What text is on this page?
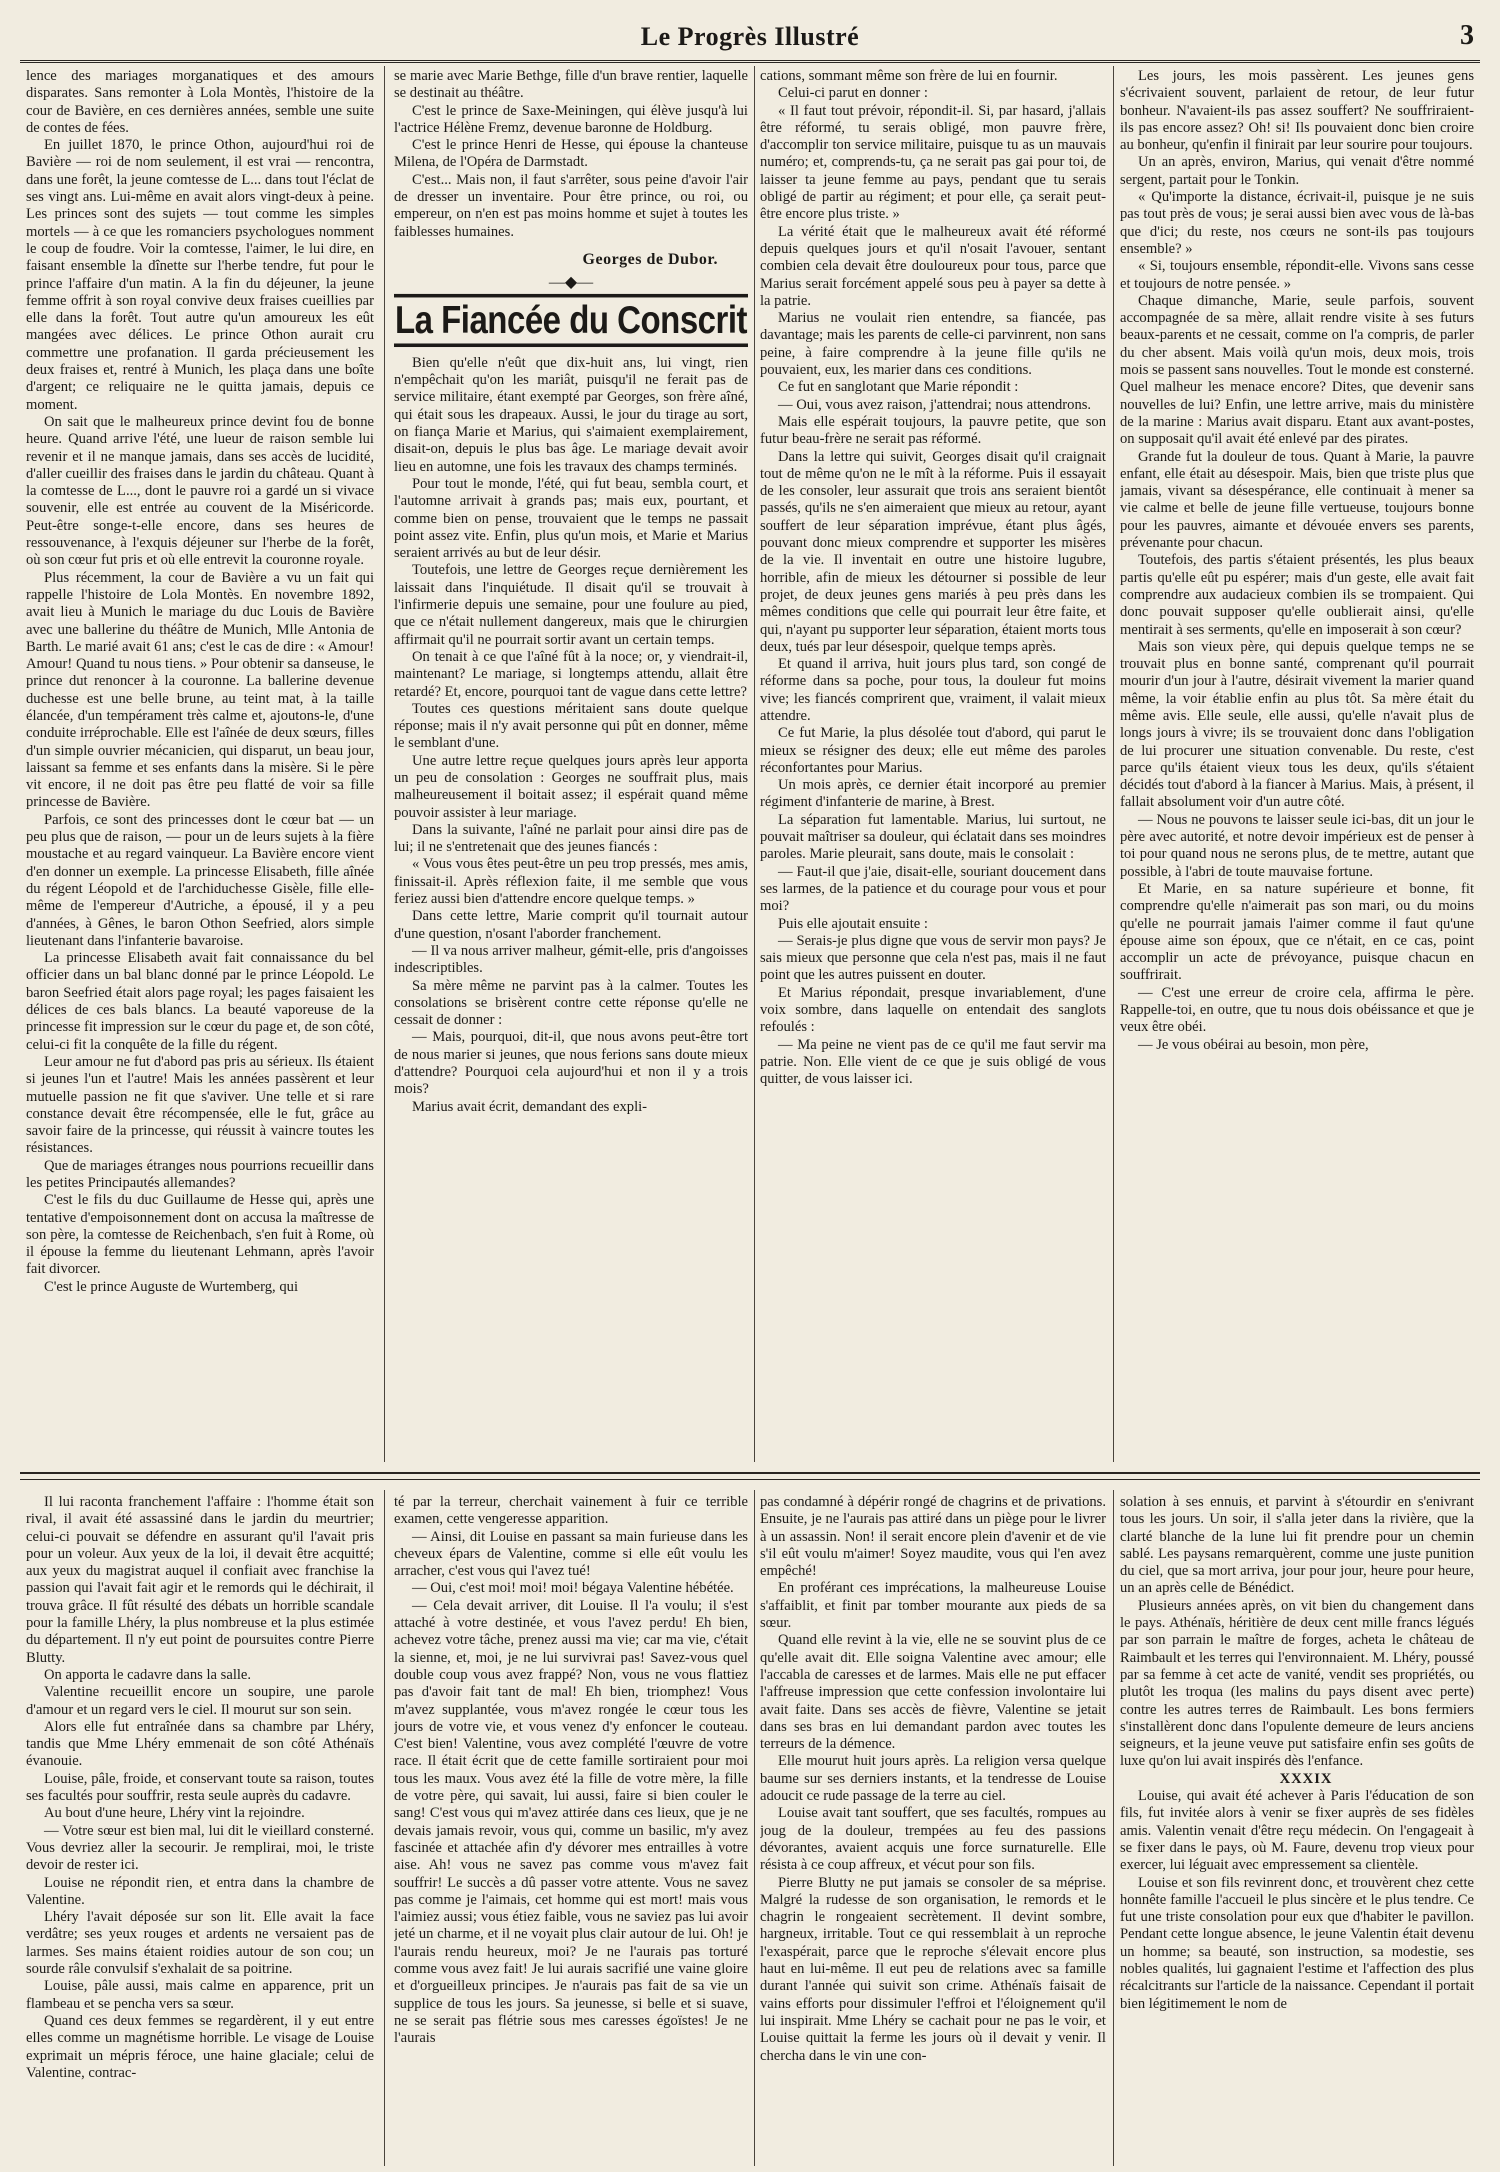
Le Progrès Illustré	3

lence des mariages morganatiques et des amours disparates. Sans remonter à Lola Montès, l'histoire de la cour de Bavière, en ces dernières années, semble une suite de contes de fées.

En juillet 1870, le prince Othon, aujourd'hui roi de Bavière — roi de nom seulement, il est vrai — rencontra, dans une forêt, la jeune comtesse de L... dans tout l'éclat de ses vingt ans. Lui-même en avait alors vingt-deux à peine. Les princes sont des sujets — tout comme les simples mortels — à ce que les romanciers psychologues nomment le coup de foudre. Voir la comtesse, l'aimer, le lui dire, en faisant ensemble la dînette sur l'herbe tendre, fut pour le prince l'affaire d'un matin. A la fin du déjeuner, la jeune femme offrit à son royal convive deux fraises cueillies par elle dans la forêt. Tout autre qu'un amoureux les eût mangées avec délices. Le prince Othon aurait cru commettre une profanation. Il garda précieusement les deux fraises et, rentré à Munich, les plaça dans une boîte d'argent; ce reliquaire ne le quitta jamais, depuis ce moment.

On sait que le malheureux prince devint fou de bonne heure. Quand arrive l'été, une lueur de raison semble lui revenir et il ne manque jamais, dans ses accès de lucidité, d'aller cueillir des fraises dans le jardin du château. Quant à la comtesse de L..., dont le pauvre roi a gardé un si vivace souvenir, elle est entrée au couvent de la Miséricorde. Peut-être songe-t-elle encore, dans ses heures de ressouvenance, à l'exquis déjeuner sur l'herbe de la forêt, où son cœur fut pris et où elle entrevit la couronne royale.

Plus récemment, la cour de Bavière a vu un fait qui rappelle l'histoire de Lola Montès. En novembre 1892, avait lieu à Munich le mariage du duc Louis de Bavière avec une ballerine du théâtre de Munich, Mlle Antonia de Barth. Le marié avait 61 ans; c'est le cas de dire : « Amour! Amour! Quand tu nous tiens. » Pour obtenir sa danseuse, le prince dut renoncer à la couronne. La ballerine devenue duchesse est une belle brune, au teint mat, à la taille élancée, d'un tempérament très calme et, ajoutons-le, d'une conduite irréprochable. Elle est l'aînée de deux sœurs, filles d'un simple ouvrier mécanicien, qui disparut, un beau jour, laissant sa femme et ses enfants dans la misère. Si le père vit encore, il ne doit pas être peu flatté de voir sa fille princesse de Bavière.

Parfois, ce sont des princesses dont le cœur bat — un peu plus que de raison, — pour un de leurs sujets à la fière moustache et au regard vainqueur. La Bavière encore vient d'en donner un exemple. La princesse Elisabeth, fille aînée du régent Léopold et de l'archiduchesse Gisèle, fille elle-même de l'empereur d'Autriche, a épousé, il y a peu d'années, à Gênes, le baron Othon Seefried, alors simple lieutenant dans l'infanterie bavaroise.

La princesse Elisabeth avait fait connaissance du bel officier dans un bal blanc donné par le prince Léopold. Le baron Seefried était alors page royal; les pages faisaient les délices de ces bals blancs. La beauté vaporeuse de la princesse fit impression sur le cœur du page et, de son côté, celui-ci fit la conquête de la fille du régent.

Leur amour ne fut d'abord pas pris au sérieux. Ils étaient si jeunes l'un et l'autre! Mais les années passèrent et leur mutuelle passion ne fit que s'aviver. Une telle et si rare constance devait être récompensée, elle le fut, grâce au savoir faire de la princesse, qui réussit à vaincre toutes les résistances.

Que de mariages étranges nous pourrions recueillir dans les petites Principautés allemandes?

C'est le fils du duc Guillaume de Hesse qui, après une tentative d'empoisonnement dont on accusa la maîtresse de son père, la comtesse de Reichenbach, s'en fuit à Rome, où il épouse la femme du lieutenant Lehmann, après l'avoir fait divorcer.

C'est le prince Auguste de Wurtemberg, qui

se marie avec Marie Bethge, fille d'un brave rentier, laquelle se destinait au théâtre.

C'est le prince de Saxe-Meiningen, qui élève jusqu'à lui l'actrice Hélène Fremz, devenue baronne de Holdburg.

C'est le prince Henri de Hesse, qui épouse la chanteuse Milena, de l'Opéra de Darmstadt.

C'est... Mais non, il faut s'arrêter, sous peine d'avoir l'air de dresser un inventaire. Pour être prince, ou roi, ou empereur, on n'en est pas moins homme et sujet à toutes les faiblesses humaines.

Georges de Dubor.
—◆—
La Fiancée du Conscrit

Bien qu'elle n'eût que dix-huit ans, lui vingt, rien n'empêchait qu'on les mariât, puisqu'il ne ferait pas de service militaire, étant exempté par Georges, son frère aîné, qui était sous les drapeaux. Aussi, le jour du tirage au sort, on fiança Marie et Marius, qui s'aimaient exemplairement, disait-on, depuis le plus bas âge. Le mariage devait avoir lieu en automne, une fois les travaux des champs terminés.

Pour tout le monde, l'été, qui fut beau, sembla court, et l'automne arrivait à grands pas; mais eux, pourtant, et comme bien on pense, trouvaient que le temps ne passait point assez vite. Enfin, plus qu'un mois, et Marie et Marius seraient arrivés au but de leur désir.

Toutefois, une lettre de Georges reçue dernièrement les laissait dans l'inquiétude. Il disait qu'il se trouvait à l'infirmerie depuis une semaine, pour une foulure au pied, que ce n'était nullement dangereux, mais que le chirurgien affirmait qu'il ne pourrait sortir avant un certain temps.

On tenait à ce que l'aîné fût à la noce; or, y viendrait-il, maintenant? Le mariage, si longtemps attendu, allait être retardé? Et, encore, pourquoi tant de vague dans cette lettre?

Toutes ces questions méritaient sans doute quelque réponse; mais il n'y avait personne qui pût en donner, même le semblant d'une.

Une autre lettre reçue quelques jours après leur apporta un peu de consolation : Georges ne souffrait plus, mais malheureusement il boitait assez; il espérait quand même pouvoir assister à leur mariage.

Dans la suivante, l'aîné ne parlait pour ainsi dire pas de lui; il ne s'entretenait que des jeunes fiancés :

« Vous vous êtes peut-être un peu trop pressés, mes amis, finissait-il. Après réflexion faite, il me semble que vous feriez aussi bien d'attendre encore quelque temps. »

Dans cette lettre, Marie comprit qu'il tournait autour d'une question, n'osant l'aborder franchement.

— Il va nous arriver malheur, gémit-elle, pris d'angoisses indescriptibles.

Sa mère même ne parvint pas à la calmer. Toutes les consolations se brisèrent contre cette réponse qu'elle ne cessait de donner :

— Mais, pourquoi, dit-il, que nous avons peut-être tort de nous marier si jeunes, que nous ferions sans doute mieux d'attendre? Pourquoi cela aujourd'hui et non il y a trois mois?

Marius avait écrit, demandant des expli-

cations, sommant même son frère de lui en fournir.

Celui-ci parut en donner :

« Il faut tout prévoir, répondit-il. Si, par hasard, j'allais être réformé, tu serais obligé, mon pauvre frère, d'accomplir ton service militaire, puisque tu as un mauvais numéro; et, comprends-tu, ça ne serait pas gai pour toi, de laisser ta jeune femme au pays, pendant que tu serais obligé de partir au régiment; et pour elle, ça serait peut-être encore plus triste. »

La vérité était que le malheureux avait été réformé depuis quelques jours et qu'il n'osait l'avouer, sentant combien cela devait être douloureux pour tous, parce que Marius serait forcément appelé sous peu à payer sa dette à la patrie.

Marius ne voulait rien entendre, sa fiancée, pas davantage; mais les parents de celle-ci parvinrent, non sans peine, à faire comprendre à la jeune fille qu'ils ne pouvaient, eux, les marier dans ces conditions.

Ce fut en sanglotant que Marie répondit :

— Oui, vous avez raison, j'attendrai; nous attendrons.

Mais elle espérait toujours, la pauvre petite, que son futur beau-frère ne serait pas réformé.

Dans la lettre qui suivit, Georges disait qu'il craignait tout de même qu'on ne le mît à la réforme. Puis il essayait de les consoler, leur assurait que trois ans seraient bientôt passés, qu'ils ne s'en aimeraient que mieux au retour, ayant souffert de leur séparation imprévue, étant plus âgés, pouvant donc mieux comprendre et supporter les misères de la vie. Il inventait en outre une histoire lugubre, horrible, afin de mieux les détourner si possible de leur projet, de deux jeunes gens mariés à peu près dans les mêmes conditions que celle qui pourrait leur être faite, et qui, n'ayant pu supporter leur séparation, étaient morts tous deux, tués par leur désespoir, quelque temps après.

Et quand il arriva, huit jours plus tard, son congé de réforme dans sa poche, pour tous, la douleur fut moins vive; les fiancés comprirent que, vraiment, il valait mieux attendre.

Ce fut Marie, la plus désolée tout d'abord, qui parut le mieux se résigner des deux; elle eut même des paroles réconfortantes pour Marius.

Un mois après, ce dernier était incorporé au premier régiment d'infanterie de marine, à Brest.

La séparation fut lamentable. Marius, lui surtout, ne pouvait maîtriser sa douleur, qui éclatait dans ses moindres paroles. Marie pleurait, sans doute, mais le consolait :

— Faut-il que j'aie, disait-elle, souriant doucement dans ses larmes, de la patience et du courage pour vous et pour moi?

Puis elle ajoutait ensuite :

— Serais-je plus digne que vous de servir mon pays? Je sais mieux que personne que cela n'est pas, mais il ne faut point que les autres puissent en douter.

Et Marius répondait, presque invariablement, d'une voix sombre, dans laquelle on entendait des sanglots refoulés :

— Ma peine ne vient pas de ce qu'il me faut servir ma patrie. Non. Elle vient de ce que je suis obligé de vous quitter, de vous laisser ici.

Les jours, les mois passèrent. Les jeunes gens s'écrivaient souvent, parlaient de retour, de leur futur bonheur. N'avaient-ils pas assez souffert? Ne souffriraient-ils pas encore assez? Oh! si! Ils pouvaient donc bien croire au bonheur, qu'enfin il finirait par leur sourire pour toujours.

Un an après, environ, Marius, qui venait d'être nommé sergent, partait pour le Tonkin.

« Qu'importe la distance, écrivait-il, puisque je ne suis pas tout près de vous; je serai aussi bien avec vous de là-bas que d'ici; du reste, nos cœurs ne sont-ils pas toujours ensemble? »

« Si, toujours ensemble, répondit-elle. Vivons sans cesse et toujours de notre pensée. »

Chaque dimanche, Marie, seule parfois, souvent accompagnée de sa mère, allait rendre visite à ses futurs beaux-parents et ne cessait, comme on l'a compris, de parler du cher absent. Mais voilà qu'un mois, deux mois, trois mois se passent sans nouvelles. Tout le monde est consterné. Quel malheur les menace encore? Dites, que devenir sans nouvelles de lui? Enfin, une lettre arrive, mais du ministère de la marine : Marius avait disparu. Etant aux avant-postes, on supposait qu'il avait été enlevé par des pirates.

Grande fut la douleur de tous. Quant à Marie, la pauvre enfant, elle était au désespoir. Mais, bien que triste plus que jamais, vivant sa désespérance, elle continuait à mener sa vie calme et belle de jeune fille vertueuse, toujours bonne pour les pauvres, aimante et dévouée envers ses parents, prévenante pour chacun.

Toutefois, des partis s'étaient présentés, les plus beaux partis qu'elle eût pu espérer; mais d'un geste, elle avait fait comprendre aux audacieux combien ils se trompaient. Qui donc pouvait supposer qu'elle oublierait ainsi, qu'elle mentirait à ses serments, qu'elle en imposerait à son cœur?

Mais son vieux père, qui depuis quelque temps ne se trouvait plus en bonne santé, comprenant qu'il pourrait mourir d'un jour à l'autre, désirait vivement la marier quand même, la voir établie enfin au plus tôt. Sa mère était du même avis. Elle seule, elle aussi, qu'elle n'avait plus de longs jours à vivre; ils se trouvaient donc dans l'obligation de lui procurer une situation convenable. Du reste, c'est parce qu'ils étaient vieux tous les deux, qu'ils s'étaient décidés tout d'abord à la fiancer à Marius. Mais, à présent, il fallait absolument voir d'un autre côté.

— Nous ne pouvons te laisser seule ici-bas, dit un jour le père avec autorité, et notre devoir impérieux est de penser à toi pour quand nous ne serons plus, de te mettre, autant que possible, à l'abri de toute mauvaise fortune.

Et Marie, en sa nature supérieure et bonne, fit comprendre qu'elle n'aimerait pas son mari, ou du moins qu'elle ne pourrait jamais l'aimer comme il faut qu'une épouse aime son époux, que ce n'était, en ce cas, point accomplir un acte de prévoyance, puisque chacun en souffrirait.

— C'est une erreur de croire cela, affirma le père. Rappelle-toi, en outre, que tu nous dois obéissance et que je veux être obéi.

— Je vous obéirai au besoin, mon père,

Il lui raconta franchement l'affaire : l'homme était son rival, il avait été assassiné dans le jardin du meurtrier; celui-ci pouvait se défendre en assurant qu'il l'avait pris pour un voleur. Aux yeux de la loi, il devait être acquitté; aux yeux du magistrat auquel il confiait avec franchise la passion qui l'avait fait agir et le remords qui le déchirait, il trouva grâce. Il fût résulté des débats un horrible scandale pour la famille Lhéry, la plus nombreuse et la plus estimée du département. Il n'y eut point de poursuites contre Pierre Blutty.

On apporta le cadavre dans la salle.

Valentine recueillit encore un soupire, une parole d'amour et un regard vers le ciel. Il mourut sur son sein.

Alors elle fut entraînée dans sa chambre par Lhéry, tandis que Mme Lhéry emmenait de son côté Athénaïs évanouie.

Louise, pâle, froide, et conservant toute sa raison, toutes ses facultés pour souffrir, resta seule auprès du cadavre.

Au bout d'une heure, Lhéry vint la rejoindre.

— Votre sœur est bien mal, lui dit le vieillard consterné. Vous devriez aller la secourir. Je remplirai, moi, le triste devoir de rester ici.

Louise ne répondit rien, et entra dans la chambre de Valentine.

Lhéry l'avait déposée sur son lit. Elle avait la face verdâtre; ses yeux rouges et ardents ne versaient pas de larmes. Ses mains étaient roidies autour de son cou; un sourde râle convulsif s'exhalait de sa poitrine.

Louise, pâle aussi, mais calme en apparence, prit un flambeau et se pencha vers sa sœur.

Quand ces deux femmes se regardèrent, il y eut entre elles comme un magnétisme horrible. Le visage de Louise exprimait un mépris féroce, une haine glaciale; celui de Valentine, contrac-

té par la terreur, cherchait vainement à fuir ce terrible examen, cette vengeresse apparition.

— Ainsi, dit Louise en passant sa main furieuse dans les cheveux épars de Valentine, comme si elle eût voulu les arracher, c'est vous qui l'avez tué!

— Oui, c'est moi! moi! moi! bégaya Valentine hébétée.

— Cela devait arriver, dit Louise. Il l'a voulu; il s'est attaché à votre destinée, et vous l'avez perdu! Eh bien, achevez votre tâche, prenez aussi ma vie; car ma vie, c'était la sienne, et, moi, je ne lui survivrai pas! Savez-vous quel double coup vous avez frappé? Non, vous ne vous flattiez pas d'avoir fait tant de mal! Eh bien, triomphez! Vous m'avez supplantée, vous m'avez rongée le cœur tous les jours de votre vie, et vous venez d'y enfoncer le couteau. C'est bien! Valentine, vous avez complété l'œuvre de votre race. Il était écrit que de cette famille sortiraient pour moi tous les maux. Vous avez été la fille de votre mère, la fille de votre père, qui savait, lui aussi, faire si bien couler le sang! C'est vous qui m'avez attirée dans ces lieux, que je ne devais jamais revoir, vous qui, comme un basilic, m'y avez fascinée et attachée afin d'y dévorer mes entrailles à votre aise. Ah! vous ne savez pas comme vous m'avez fait souffrir! Le succès a dû passer votre attente. Vous ne savez pas comme je l'aimais, cet homme qui est mort! mais vous l'aimiez aussi; vous étiez faible, vous ne saviez pas lui avoir jeté un charme, et il ne voyait plus clair autour de lui. Oh! je l'aurais rendu heureux, moi? Je ne l'aurais pas torturé comme vous avez fait! Je lui aurais sacrifié une vaine gloire et d'orgueilleux principes. Je n'aurais pas fait de sa vie un supplice de tous les jours. Sa jeunesse, si belle et si suave, ne se serait pas flétrie sous mes caresses égoïstes! Je ne l'aurais

pas condamné à dépérir rongé de chagrins et de privations. Ensuite, je ne l'aurais pas attiré dans un piège pour le livrer à un assassin. Non! il serait encore plein d'avenir et de vie s'il eût voulu m'aimer! Soyez maudite, vous qui l'en avez empêché!

En proférant ces imprécations, la malheureuse Louise s'affaiblit, et finit par tomber mourante aux pieds de sa sœur.

Quand elle revint à la vie, elle ne se souvint plus de ce qu'elle avait dit. Elle soigna Valentine avec amour; elle l'accabla de caresses et de larmes. Mais elle ne put effacer l'affreuse impression que cette confession involontaire lui avait faite. Dans ses accès de fièvre, Valentine se jetait dans ses bras en lui demandant pardon avec toutes les terreurs de la démence.

Elle mourut huit jours après. La religion versa quelque baume sur ses derniers instants, et la tendresse de Louise adoucit ce rude passage de la terre au ciel.

Louise avait tant souffert, que ses facultés, rompues au joug de la douleur, trempées au feu des passions dévorantes, avaient acquis une force surnaturelle. Elle résista à ce coup affreux, et vécut pour son fils.

Pierre Blutty ne put jamais se consoler de sa méprise. Malgré la rudesse de son organisation, le remords et le chagrin le rongeaient secrètement. Il devint sombre, hargneux, irritable. Tout ce qui ressemblait à un reproche l'exaspérait, parce que le reproche s'élevait encore plus haut en lui-même. Il eut peu de relations avec sa famille durant l'année qui suivit son crime. Athénaïs faisait de vains efforts pour dissimuler l'effroi et l'éloignement qu'il lui inspirait. Mme Lhéry se cachait pour ne pas le voir, et Louise quittait la ferme les jours où il devait y venir. Il chercha dans le vin une con-

solation à ses ennuis, et parvint à s'étourdir en s'enivrant tous les jours. Un soir, il s'alla jeter dans la rivière, que la clarté blanche de la lune lui fit prendre pour un chemin sablé. Les paysans remarquèrent, comme une juste punition du ciel, que sa mort arriva, jour pour jour, heure pour heure, un an après celle de Bénédict.

Plusieurs années après, on vit bien du changement dans le pays. Athénaïs, héritière de deux cent mille francs légués par son parrain le maître de forges, acheta le château de Raimbault et les terres qui l'environnaient. M. Lhéry, poussé par sa femme à cet acte de vanité, vendit ses propriétés, ou plutôt les troqua (les malins du pays disent avec perte) contre les autres terres de Raimbault. Les bons fermiers s'installèrent donc dans l'opulente demeure de leurs anciens seigneurs, et la jeune veuve put satisfaire enfin ses goûts de luxe qu'on lui avait inspirés dès l'enfance.

XXXIX

Louise, qui avait été achever à Paris l'éducation de son fils, fut invitée alors à venir se fixer auprès de ses fidèles amis. Valentin venait d'être reçu médecin. On l'engageait à se fixer dans le pays, où M. Faure, devenu trop vieux pour exercer, lui léguait avec empressement sa clientèle.

Louise et son fils revinrent donc, et trouvèrent chez cette honnête famille l'accueil le plus sincère et le plus tendre. Ce fut une triste consolation pour eux que d'habiter le pavillon. Pendant cette longue absence, le jeune Valentin était devenu un homme; sa beauté, son instruction, sa modestie, ses nobles qualités, lui gagnaient l'estime et l'affection des plus récalcitrants sur l'article de la naissance. Cependant il portait bien légitimement le nom de
